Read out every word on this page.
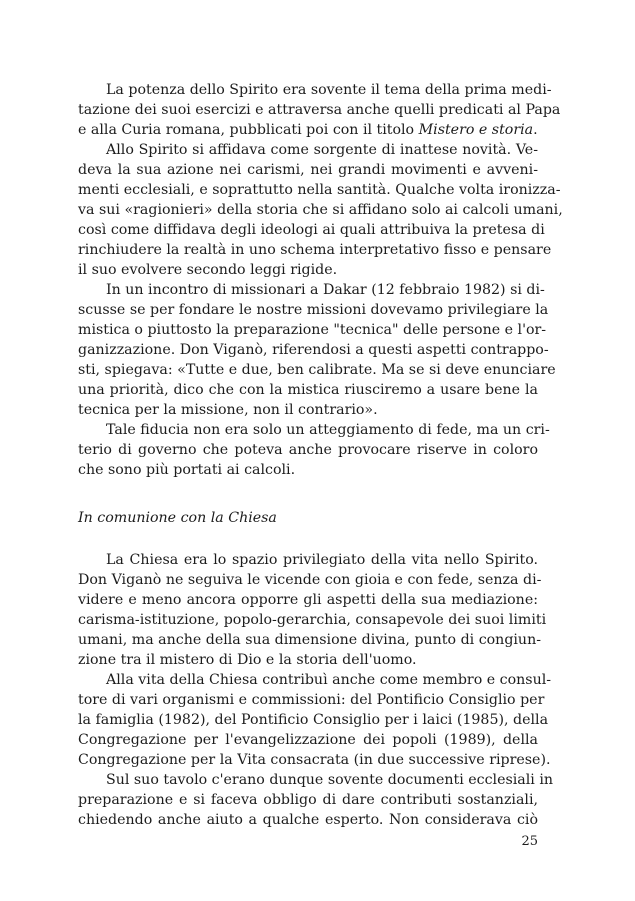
La potenza dello Spirito era sovente il tema della prima medi-
tazione dei suoi esercizi e attraversa anche quelli predicati al Papa
e alla Curia romana, pubblicati poi con il titolo Mistero e storia.
Allo Spirito si affidava come sorgente di inattese novità. Ve-
deva la sua azione nei carismi, nei grandi movimenti e avveni-
menti ecclesiali, e soprattutto nella santità. Qualche volta ironizza-
va sui «ragionieri» della storia che si affidano solo ai calcoli umani,
così come diffidava degli ideologi ai quali attribuiva la pretesa di
rinchiudere la realtà in uno schema interpretativo fisso e pensare
il suo evolvere secondo leggi rigide.
In un incontro di missionari a Dakar (12 febbraio 1982) si di-
scusse se per fondare le nostre missioni dovevamo privilegiare la
mistica o piuttosto la preparazione "tecnica" delle persone e l'or-
ganizzazione. Don Viganò, riferendosi a questi aspetti contrappo-
sti, spiegava: «Tutte e due, ben calibrate. Ma se si deve enunciare
una priorità, dico che con la mistica riusciremo a usare bene la
tecnica per la missione, non il contrario».
Tale fiducia non era solo un atteggiamento di fede, ma un cri-
terio di governo che poteva anche provocare riserve in coloro
che sono più portati ai calcoli.
In comunione con la Chiesa
La Chiesa era lo spazio privilegiato della vita nello Spirito.
Don Viganò ne seguiva le vicende con gioia e con fede, senza di-
videre e meno ancora opporre gli aspetti della sua mediazione:
carisma-istituzione, popolo-gerarchia, consapevole dei suoi limiti
umani, ma anche della sua dimensione divina, punto di congiun-
zione tra il mistero di Dio e la storia dell'uomo.
Alla vita della Chiesa contribuì anche come membro e consul-
tore di vari organismi e commissioni: del Pontificio Consiglio per
la famiglia (1982), del Pontificio Consiglio per i laici (1985), della
Congregazione per l'evangelizzazione dei popoli (1989), della
Congregazione per la Vita consacrata (in due successive riprese).
Sul suo tavolo c'erano dunque sovente documenti ecclesiali in
preparazione e si faceva obbligo di dare contributi sostanziali,
chiedendo anche aiuto a qualche esperto. Non considerava ciò
25
